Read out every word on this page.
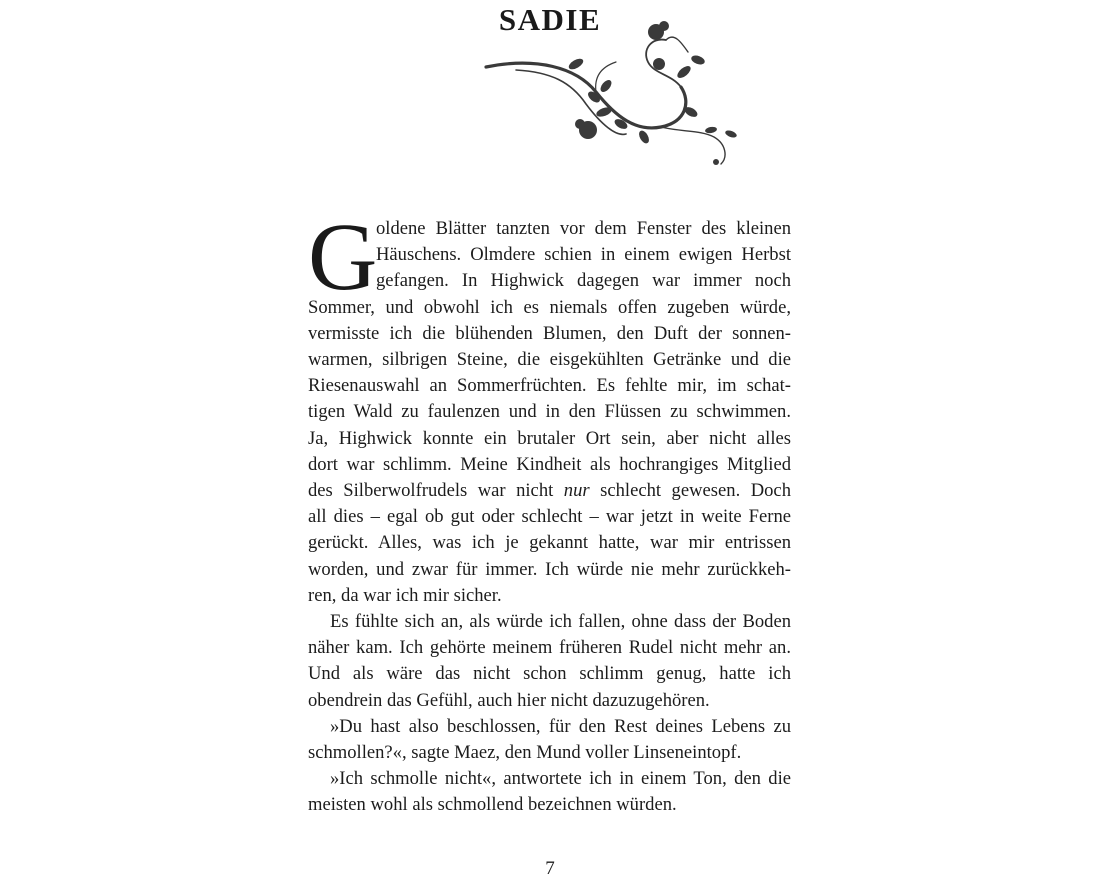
SADIE
G

oldene Blätter tanzten vor dem Fenster des kleinen
Häuschens. Olmdere schien in einem ewigen Herbst
gefangen. In Highwick dagegen war immer noch
Sommer, und obwohl ich es niemals offen zugeben würde,
vermisste ich die blühenden Blumen, den Duft der sonnen-
warmen, silbrigen Steine, die eisgekühlten Getränke und die
Riesenauswahl an Sommerfrüchten. Es fehlte mir, im schat-
tigen Wald zu faulenzen und in den Flüssen zu schwimmen.
Ja, Highwick konnte ein brutaler Ort sein, aber nicht alles
dort war schlimm. Meine Kindheit als hochrangiges Mitglied
des Silberwolfrudels war nicht nur schlecht gewesen. Doch
all dies – egal ob gut oder schlecht – war jetzt in weite Ferne
gerückt. Alles, was ich je gekannt hatte, war mir entrissen
worden, und zwar für immer. Ich würde nie mehr zurückkeh-
ren, da war ich mir sicher.

Es fühlte sich an, als würde ich fallen, ohne dass der Boden näher kam. Ich gehörte meinem früheren Rudel nicht mehr an. Und als wäre das nicht schon schlimm genug, hatte ich obendrein das Gefühl, auch hier nicht dazuzugehören.

»Du hast also beschlossen, für den Rest deines Lebens zu schmollen?«, sagte Maez, den Mund voller Linseneintopf.

»Ich schmolle nicht«, antwortete ich in einem Ton, den die meisten wohl als schmollend bezeichnen würden.

7
